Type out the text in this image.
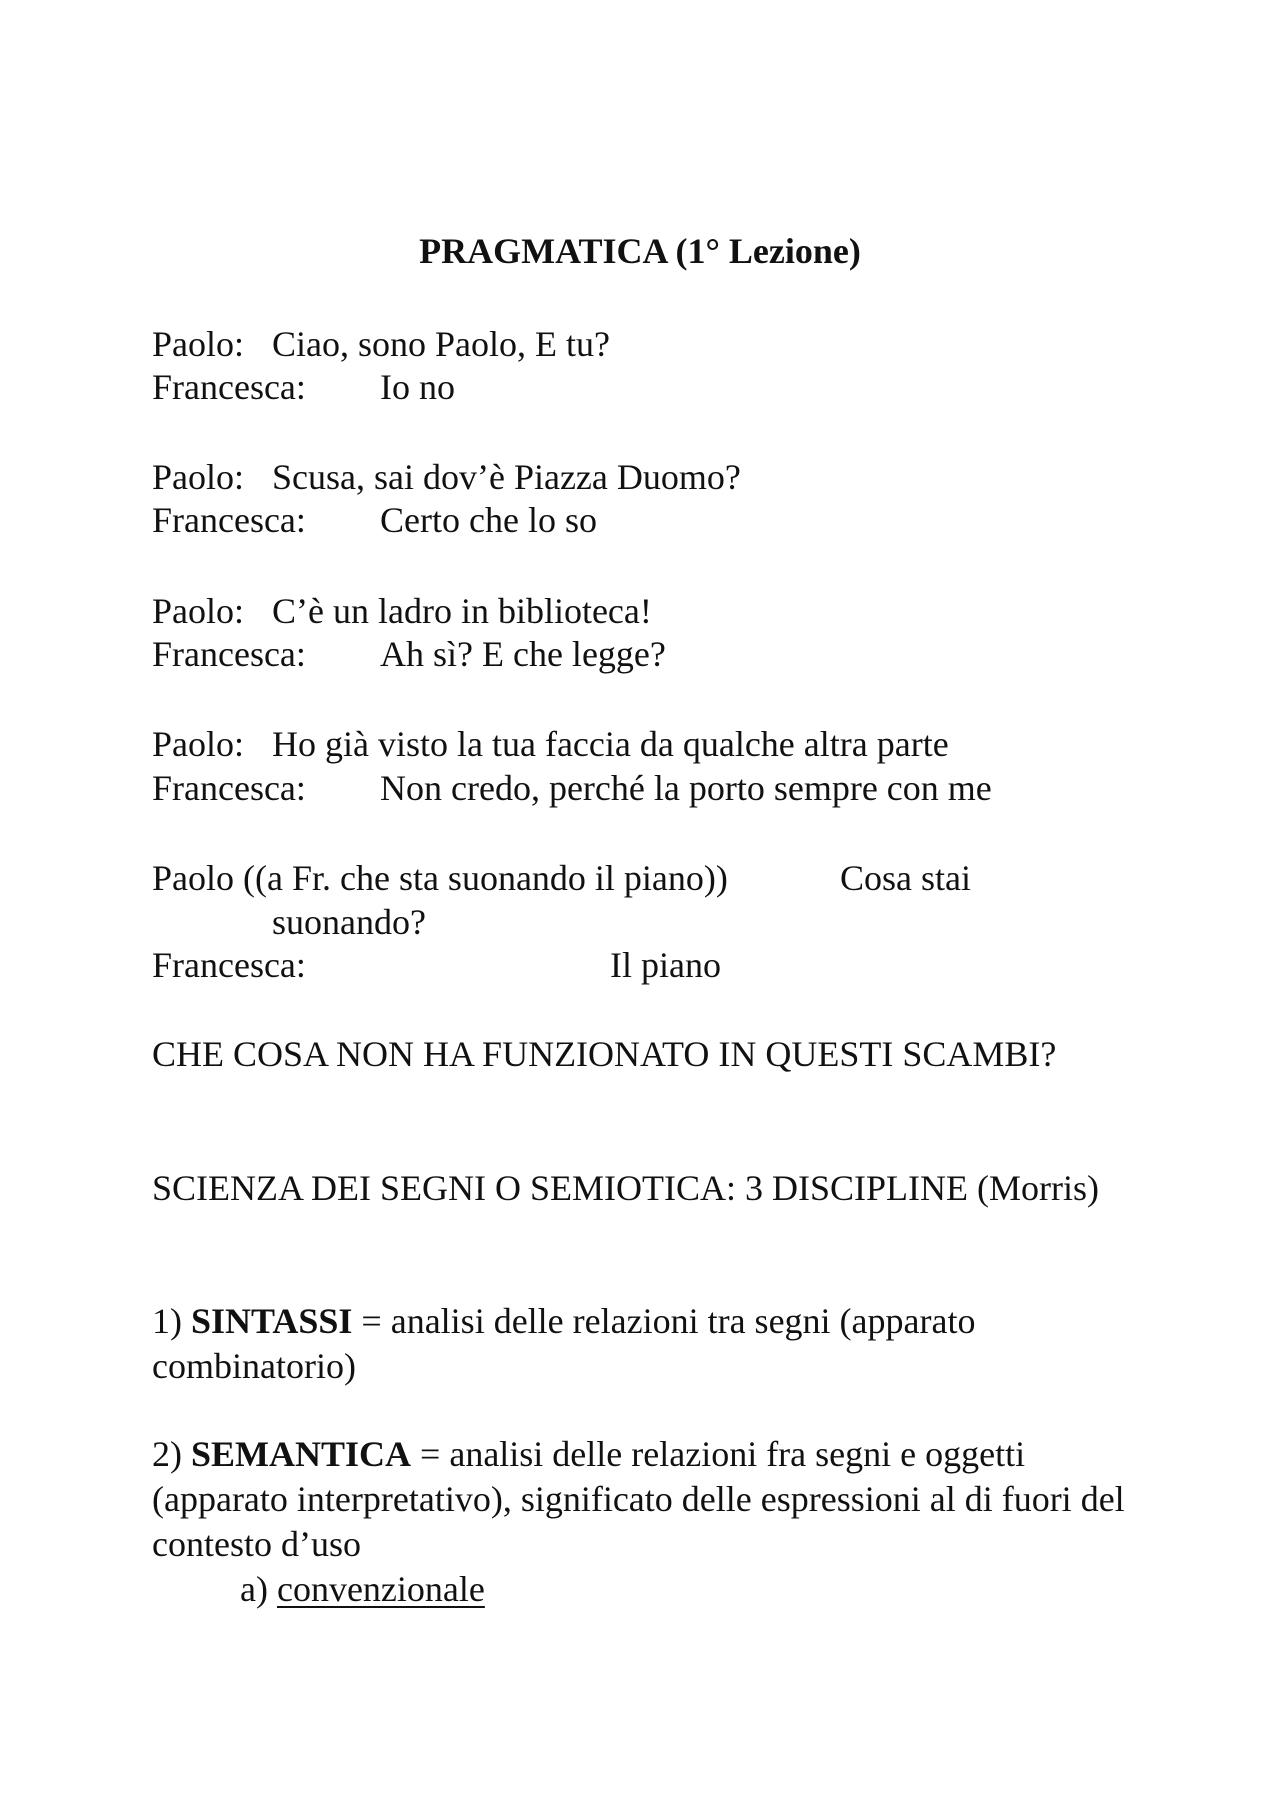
PRAGMATICA (1° Lezione)
Paolo: Ciao, sono Paolo, E tu?
Francesca: Io no
Paolo: Scusa, sai dov’è Piazza Duomo?
Francesca: Certo che lo so
Paolo: C’è un ladro in biblioteca!
Francesca: Ah sì? E che legge?
Paolo: Ho già visto la tua faccia da qualche altra parte
Francesca: Non credo, perché la porto sempre con me
Paolo ((a Fr. che sta suonando il piano))	Cosa stai
suonando?
Francesca:	Il piano
CHE COSA NON HA FUNZIONATO IN QUESTI SCAMBI?
SCIENZA DEI SEGNI O SEMIOTICA: 3 DISCIPLINE (Morris)
1) SINTASSI = analisi delle relazioni tra segni (apparato combinatorio)
2) SEMANTICA = analisi delle relazioni fra segni e oggetti (apparato interpretativo), significato delle espressioni al di fuori del contesto d’uso
a) convenzionale
